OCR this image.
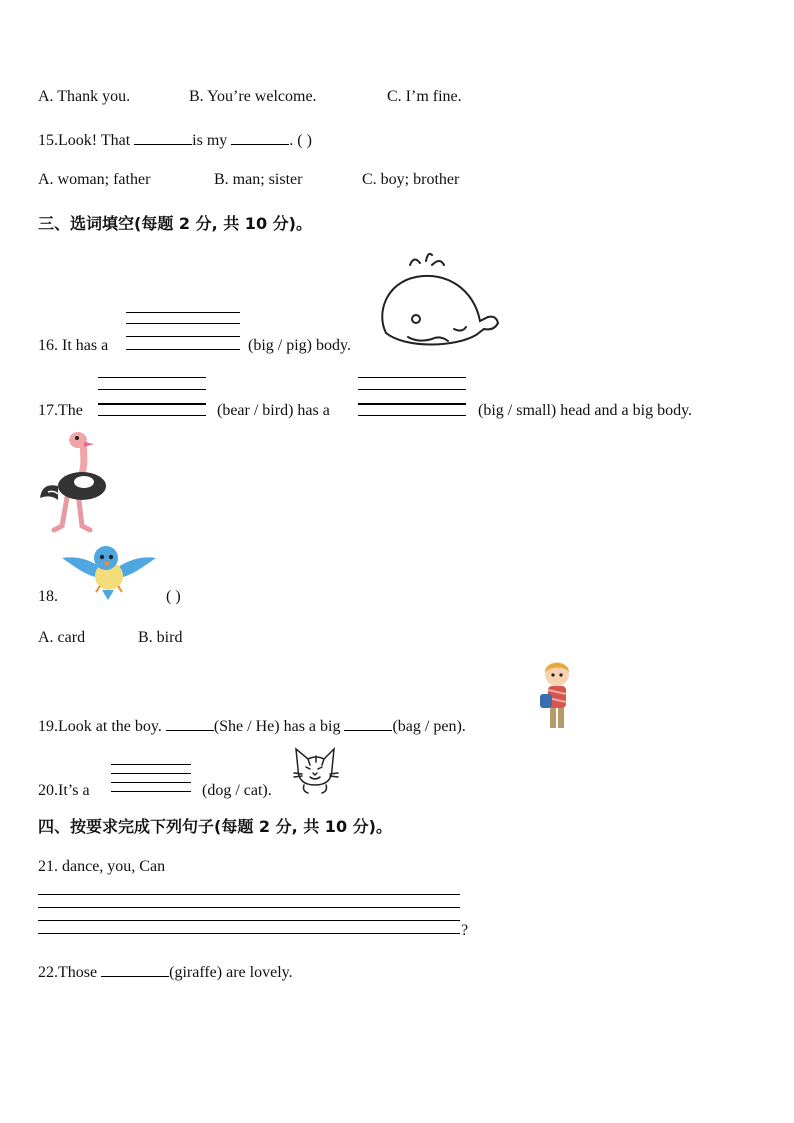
A. Thank you.	B. You’re welcome.	C. I’m fine.
15.Look! That	is my	. ( )
A. woman; father	B. man; sister	C. boy; brother
三、选词填空(每题 2 分, 共 10 分)。
16. It has a	(big / pig) body.
17.The	(bear / bird) has a	(big / small) head and a big body.
18.	( )
A. card	B. bird
19.Look at the boy.	(She / He) has a big	(bag / pen).
20.It’s a	(dog / cat).
四、按要求完成下列句子(每题 2 分, 共 10 分)。
21. dance, you, Can
?
22.Those	(giraffe) are lovely.
